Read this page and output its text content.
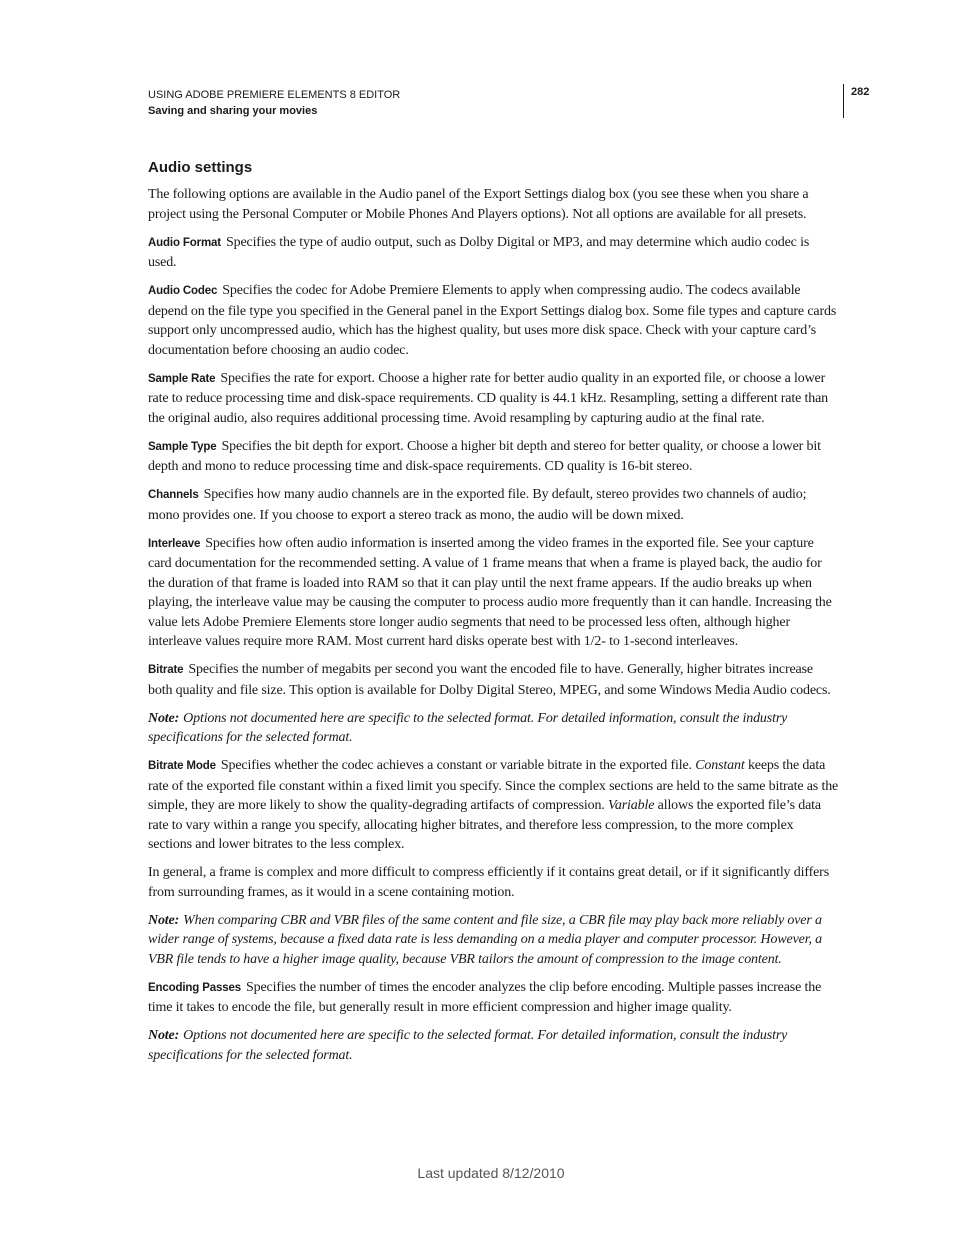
USING ADOBE PREMIERE ELEMENTS 8 EDITOR
Saving and sharing your movies
282
Audio settings

The following options are available in the Audio panel of the Export Settings dialog box (you see these when you share a project using the Personal Computer or Mobile Phones And Players options). Not all options are available for all presets.

Audio Format Specifies the type of audio output, such as Dolby Digital or MP3, and may determine which audio codec is used.

Audio Codec Specifies the codec for Adobe Premiere Elements to apply when compressing audio. The codecs available depend on the file type you specified in the General panel in the Export Settings dialog box. Some file types and capture cards support only uncompressed audio, which has the highest quality, but uses more disk space. Check with your capture card’s documentation before choosing an audio codec.

Sample Rate Specifies the rate for export. Choose a higher rate for better audio quality in an exported file, or choose a lower rate to reduce processing time and disk-space requirements. CD quality is 44.1 kHz. Resampling, setting a different rate than the original audio, also requires additional processing time. Avoid resampling by capturing audio at the final rate.

Sample Type Specifies the bit depth for export. Choose a higher bit depth and stereo for better quality, or choose a lower bit depth and mono to reduce processing time and disk-space requirements. CD quality is 16-bit stereo.

Channels Specifies how many audio channels are in the exported file. By default, stereo provides two channels of audio; mono provides one. If you choose to export a stereo track as mono, the audio will be down mixed.

Interleave Specifies how often audio information is inserted among the video frames in the exported file. See your capture card documentation for the recommended setting. A value of 1 frame means that when a frame is played back, the audio for the duration of that frame is loaded into RAM so that it can play until the next frame appears. If the audio breaks up when playing, the interleave value may be causing the computer to process audio more frequently than it can handle. Increasing the value lets Adobe Premiere Elements store longer audio segments that need to be processed less often, although higher interleave values require more RAM. Most current hard disks operate best with 1/2- to 1-second interleaves.

Bitrate Specifies the number of megabits per second you want the encoded file to have. Generally, higher bitrates increase both quality and file size. This option is available for Dolby Digital Stereo, MPEG, and some Windows Media Audio codecs.

Note: Options not documented here are specific to the selected format. For detailed information, consult the industry specifications for the selected format.

Bitrate Mode Specifies whether the codec achieves a constant or variable bitrate in the exported file. Constant keeps the data rate of the exported file constant within a fixed limit you specify. Since the complex sections are held to the same bitrate as the simple, they are more likely to show the quality-degrading artifacts of compression. Variable allows the exported file’s data rate to vary within a range you specify, allocating higher bitrates, and therefore less compression, to the more complex sections and lower bitrates to the less complex.

In general, a frame is complex and more difficult to compress efficiently if it contains great detail, or if it significantly differs from surrounding frames, as it would in a scene containing motion.

Note: When comparing CBR and VBR files of the same content and file size, a CBR file may play back more reliably over a wider range of systems, because a fixed data rate is less demanding on a media player and computer processor. However, a VBR file tends to have a higher image quality, because VBR tailors the amount of compression to the image content.

Encoding Passes Specifies the number of times the encoder analyzes the clip before encoding. Multiple passes increase the time it takes to encode the file, but generally result in more efficient compression and higher image quality.

Note: Options not documented here are specific to the selected format. For detailed information, consult the industry specifications for the selected format.

Last updated 8/12/2010
